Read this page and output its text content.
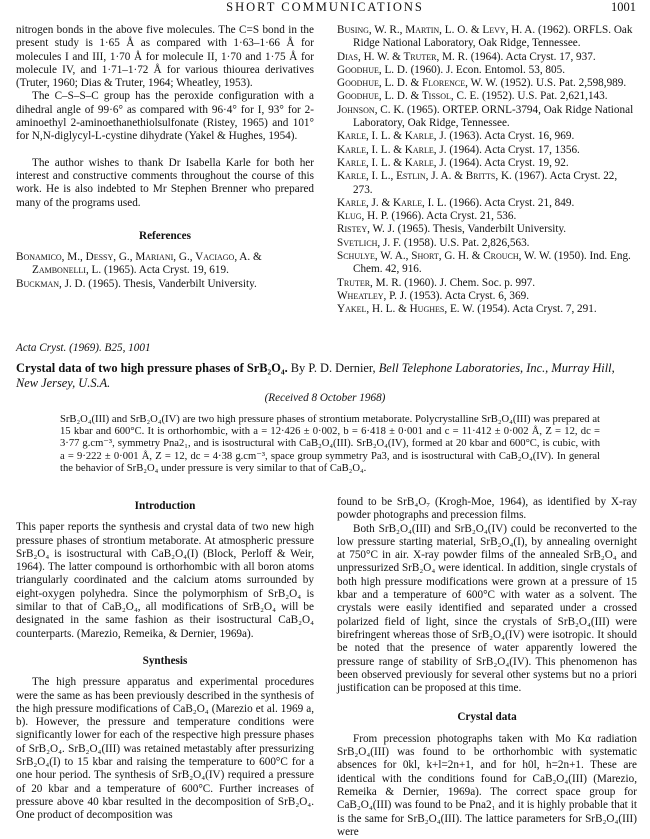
SHORT COMMUNICATIONS	1001

nitrogen bonds in the above five molecules. The C=S bond in the present study is 1·65 Å as compared with 1·63–1·66 Å for molecules I and III, 1·70 Å for molecule II, 1·70 and 1·75 Å for molecule IV, and 1·71–1·72 Å for various thiourea derivatives (Truter, 1960; Dias & Truter, 1964; Wheatley, 1953).

The C–S–S–C group has the peroxide configuration with a dihedral angle of 99·6° as compared with 96·4° for I, 93° for 2-aminoethyl 2-aminoethanethiolsulfonate (Ristey, 1965) and 101° for N,N-diglycyl-L-cystine dihydrate (Yakel & Hughes, 1954).

The author wishes to thank Dr Isabella Karle for both her interest and constructive comments throughout the course of this work. He is also indebted to Mr Stephen Brenner who prepared many of the programs used.

References

Bonamico, M., Dessy, G., Mariani, G., Vaciago, A. & Zambonelli, L. (1965). Acta Cryst. 19, 619.

Buckman, J. D. (1965). Thesis, Vanderbilt University.

Busing, W. R., Martin, L. O. & Levy, H. A. (1962). ORFLS. Oak Ridge National Laboratory, Oak Ridge, Tennessee.

Dias, H. W. & Truter, M. R. (1964). Acta Cryst. 17, 937.

Goodhue, L. D. (1960). J. Econ. Entomol. 53, 805.

Goodhue, L. D. & Florence, W. W. (1952). U.S. Pat. 2,598,989.

Goodhue, L. D. & Tissol, C. E. (1952). U.S. Pat. 2,621,143.

Johnson, C. K. (1965). ORTEP. ORNL-3794, Oak Ridge National Laboratory, Oak Ridge, Tennessee.

Karle, I. L. & Karle, J. (1963). Acta Cryst. 16, 969.

Karle, I. L. & Karle, J. (1964). Acta Cryst. 17, 1356.

Karle, I. L. & Karle, J. (1964). Acta Cryst. 19, 92.

Karle, I. L., Estlin, J. A. & Britts, K. (1967). Acta Cryst. 22, 273.

Karle, J. & Karle, I. L. (1966). Acta Cryst. 21, 849.

Klug, H. P. (1966). Acta Cryst. 21, 536.

Ristey, W. J. (1965). Thesis, Vanderbilt University.

Svetlich, J. F. (1958). U.S. Pat. 2,826,563.

Schulye, W. A., Short, G. H. & Crouch, W. W. (1950). Ind. Eng. Chem. 42, 916.

Truter, M. R. (1960). J. Chem. Soc. p. 997.

Wheatley, P. J. (1953). Acta Cryst. 6, 369.

Yakel, H. L. & Hughes, E. W. (1954). Acta Cryst. 7, 291.

Acta Cryst. (1969). B25, 1001
Crystal data of two high pressure phases of SrB₂O₄. By P. D. Dernier, Bell Telephone Laboratories, Inc., Murray Hill, New Jersey, U.S.A.
(Received 8 October 1968)

SrB₂O₄(III) and SrB₂O₄(IV) are two high pressure phases of strontium metaborate. Polycrystalline SrB₂O₄(III) was prepared at 15 kbar and 600°C. It is orthorhombic, with a = 12·426 ± 0·002, b = 6·418 ± 0·001 and c = 11·412 ± 0·002 Å, Z = 12, dc = 3·77 g.cm⁻³, symmetry Pna2₁, and is isostructural with CaB₂O₄(III). SrB₂O₄(IV), formed at 20 kbar and 600°C, is cubic, with a = 9·222 ± 0·001 Å, Z = 12, dc = 4·38 g.cm⁻³, space group symmetry Pa3, and is isostructural with CaB₂O₄(IV). In general the behavior of SrB₂O₄ under pressure is very similar to that of CaB₂O₄.

Introduction

This paper reports the synthesis and crystal data of two new high pressure phases of strontium metaborate. At atmospheric pressure SrB₂O₄ is isostructural with CaB₂O₄(I) (Block, Perloff & Weir, 1964). The latter compound is orthorhombic with all boron atoms triangularly coordinated and the calcium atoms surrounded by eight-oxygen polyhedra. Since the polymorphism of SrB₂O₄ is similar to that of CaB₂O₄, all modifications of SrB₂O₄ will be designated in the same fashion as their isostructural CaB₂O₄ counterparts. (Marezio, Remeika, & Dernier, 1969a).

Synthesis

The high pressure apparatus and experimental procedures were the same as has been previously described in the synthesis of the high pressure modifications of CaB₂O₄ (Marezio et al. 1969 a, b). However, the pressure and temperature conditions were significantly lower for each of the respective high pressure phases of SrB₂O₄. SrB₂O₄(III) was retained metastably after pressurizing SrB₂O₄(I) to 15 kbar and raising the temperature to 600°C for a one hour period. The synthesis of SrB₂O₄(IV) required a pressure of 20 kbar and a temperature of 600°C. Further increases of pressure above 40 kbar resulted in the decomposition of SrB₂O₄. One product of decomposition was

found to be SrB₄O₇ (Krogh-Moe, 1964), as identified by X-ray powder photographs and precession films.

Both SrB₂O₄(III) and SrB₂O₄(IV) could be reconverted to the low pressure starting material, SrB₂O₄(I), by annealing overnight at 750°C in air. X-ray powder films of the annealed SrB₂O₄ and unpressurized SrB₂O₄ were identical. In addition, single crystals of both high pressure modifications were grown at a pressure of 15 kbar and a temperature of 600°C with water as a solvent. The crystals were easily identified and separated under a crossed polarized field of light, since the crystals of SrB₂O₄(III) were birefringent whereas those of SrB₂O₄(IV) were isotropic. It should be noted that the presence of water apparently lowered the pressure range of stability of SrB₂O₄(IV). This phenomenon has been observed previously for several other systems but no a priori justification can be proposed at this time.

Crystal data

From precession photographs taken with Mo Kα radiation SrB₂O₄(III) was found to be orthorhombic with systematic absences for 0kl, k+l=2n+1, and for h0l, h=2n+1. These are identical with the conditions found for CaB₂O₄(III) (Marezio, Remeika & Dernier, 1969a). The correct space group for CaB₂O₄(III) was found to be Pna2₁ and it is highly probable that it is the same for SrB₂O₄(III). The lattice parameters for SrB₂O₄(III) were
